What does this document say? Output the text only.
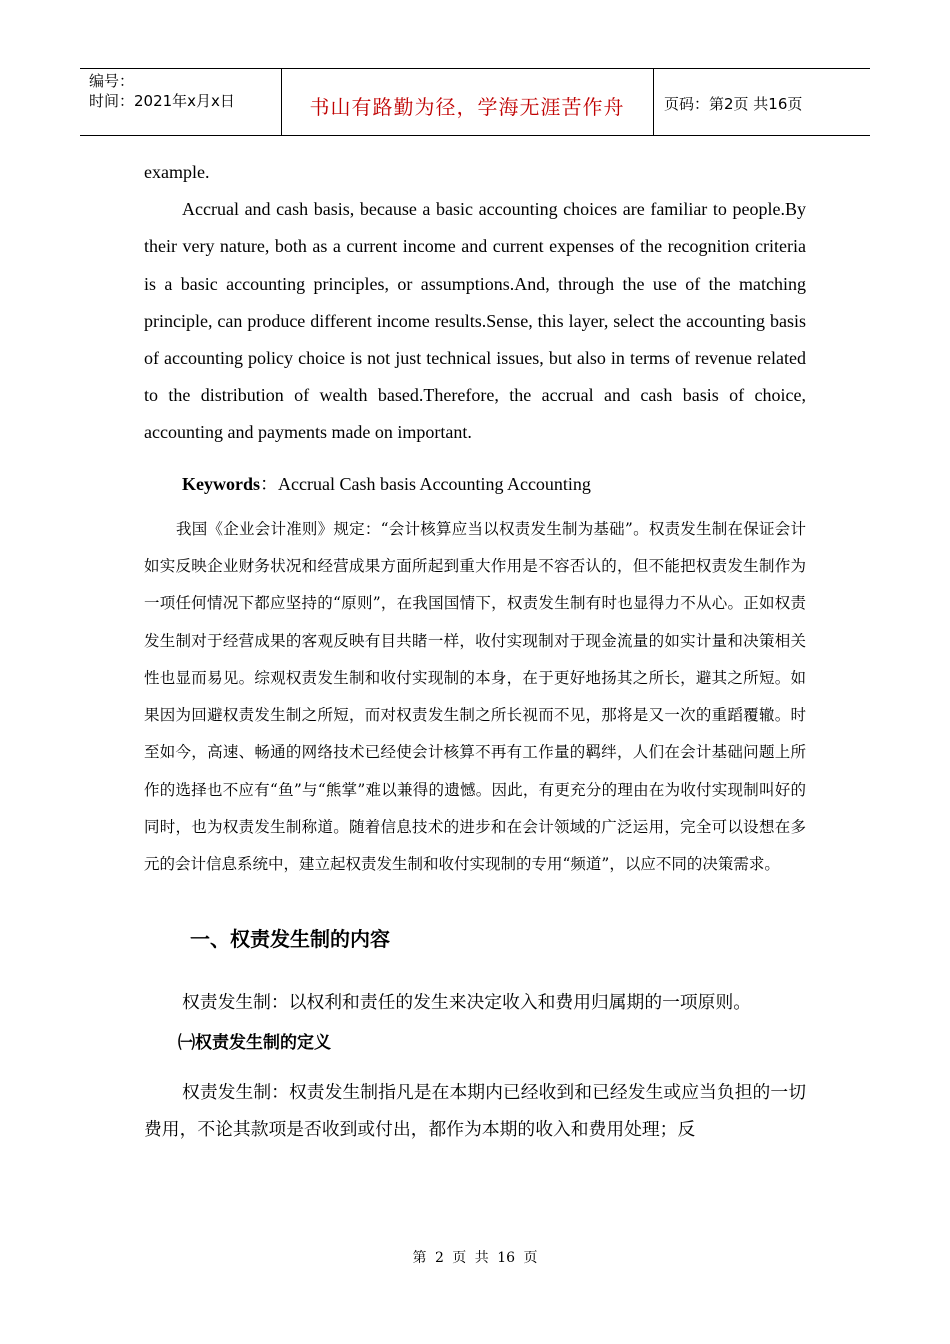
编号：
时间：2021年x月x日	书山有路勤为径，学海无涯苦作舟	页码：第2页 共16页

example.

Accrual and cash basis, because a basic accounting choices are familiar to people.By their very nature, both as a current income and current expenses of the recognition criteria is a basic accounting principles, or assumptions.And, through the use of the matching principle, can produce different income results.Sense, this layer, select the accounting basis of accounting policy choice is not just technical issues, but also in terms of revenue related to the distribution of wealth based.Therefore, the accrual and cash basis of choice, accounting and payments made on important.

Keywords：Accrual Cash basis Accounting Accounting

我国《企业会计准则》规定：“会计核算应当以权责发生制为基础”。权责发生制在保证会计如实反映企业财务状况和经营成果方面所起到重大作用是不容否认的，但不能把权责发生制作为一项任何情况下都应坚持的“原则”，在我国国情下，权责发生制有时也显得力不从心。正如权责发生制对于经营成果的客观反映有目共睹一样，收付实现制对于现金流量的如实计量和决策相关性也显而易见。综观权责发生制和收付实现制的本身，在于更好地扬其之所长，避其之所短。如果因为回避权责发生制之所短，而对权责发生制之所长视而不见，那将是又一次的重蹈覆辙。时至如今，高速、畅通的网络技术已经使会计核算不再有工作量的羁绊，人们在会计基础问题上所作的选择也不应有“鱼”与“熊掌”难以兼得的遗憾。因此，有更充分的理由在为收付实现制叫好的同时，也为权责发生制称道。随着信息技术的进步和在会计领域的广泛运用，完全可以设想在多元的会计信息系统中，建立起权责发生制和收付实现制的专用“频道”，以应不同的决策需求。

一、权责发生制的内容

权责发生制：以权利和责任的发生来决定收入和费用归属期的一项原则。

㈠权责发生制的定义

权责发生制：权责发生制指凡是在本期内已经收到和已经发生或应当负担的一切费用，不论其款项是否收到或付出，都作为本期的收入和费用处理；反

第 2 页 共 16 页
